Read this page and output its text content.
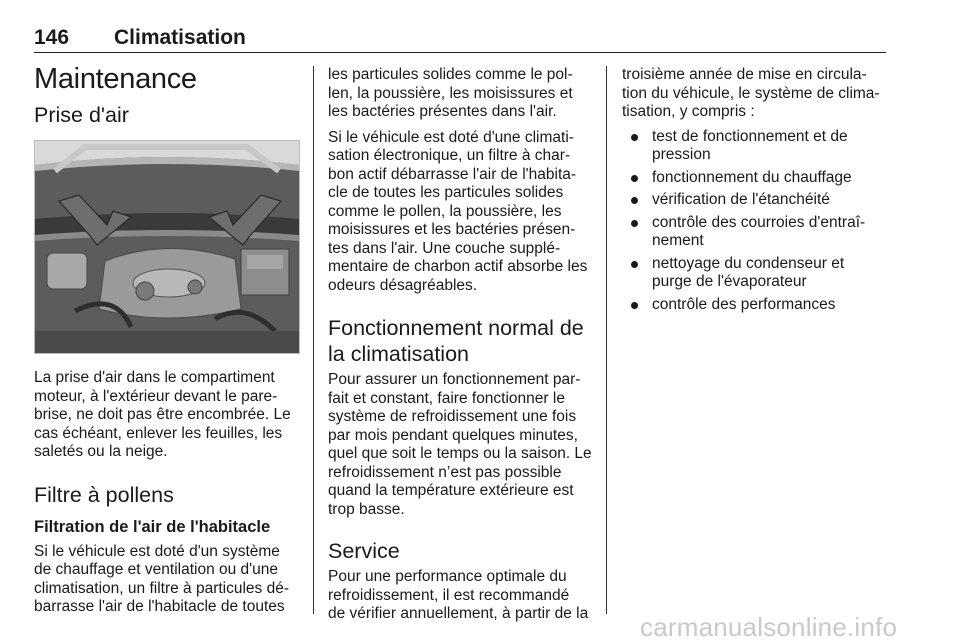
146 Climatisation
Maintenance
Prise d'air

La prise d'air dans le compartiment
moteur, à l'extérieur devant le pare-
brise, ne doit pas être encombrée. Le
cas échéant, enlever les feuilles, les
saletés ou la neige.

Filtre à pollens
Filtration de l'air de l'habitacle

Si le véhicule est doté d'un système
de chauffage et ventilation ou d'une
climatisation, un filtre à particules dé-
barrasse l'air de l'habitacle de toutes

les particules solides comme le pol-
len, la poussière, les moisissures et
les bactéries présentes dans l'air.

Si le véhicule est doté d'une climati-
sation électronique, un filtre à char-
bon actif débarrasse l'air de l'habita-
cle de toutes les particules solides
comme le pollen, la poussière, les
moisissures et les bactéries présen-
tes dans l'air. Une couche supplé-
mentaire de charbon actif absorbe les
odeurs désagréables.

Fonctionnement normal de
la climatisation

Pour assurer un fonctionnement par-
fait et constant, faire fonctionner le
système de refroidissement une fois
par mois pendant quelques minutes,
quel que soit le temps ou la saison. Le
refroidissement n’est pas possible
quand la température extérieure est
trop basse.

Service

Pour une performance optimale du
refroidissement, il est recommandé
de vérifier annuellement, à partir de la

troisième année de mise en circula-
tion du véhicule, le système de clima-
tisation, y compris :

test de fonctionnement et de
pression
fonctionnement du chauffage
vérification de l'étanchéité
contrôle des courroies d'entraî-
nement
nettoyage du condenseur et
purge de l'évaporateur
contrôle des performances
carmanualsonline.info
